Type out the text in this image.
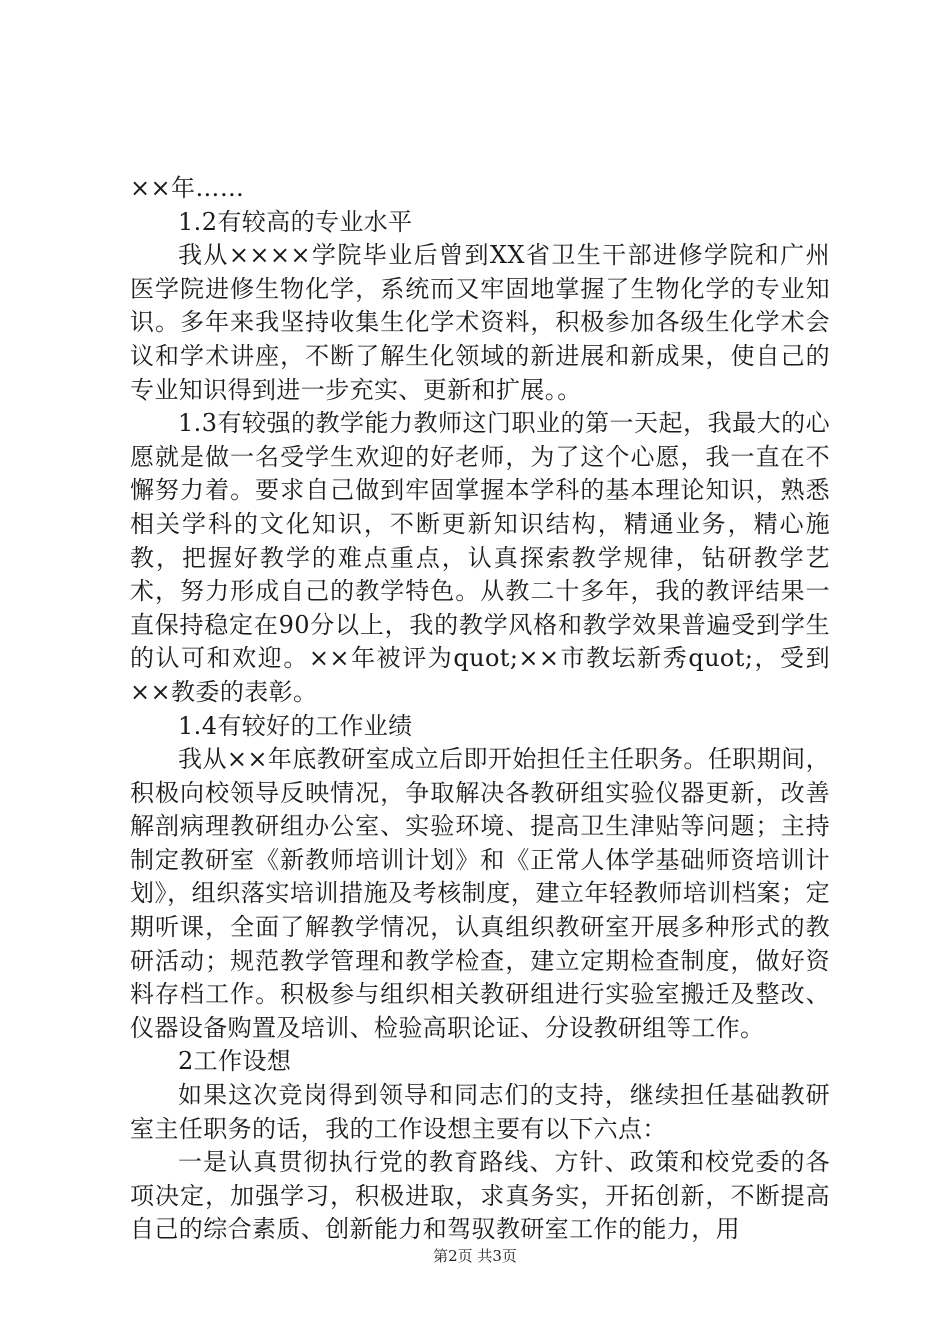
××年……

1.2有较高的专业水平

我从××××学院毕业后曾到XX省卫生干部进修学院和广州医学院进修生物化学，系统而又牢固地掌握了生物化学的专业知识。多年来我坚持收集生化学术资料，积极参加各级生化学术会议和学术讲座，不断了解生化领域的新进展和新成果，使自己的专业知识得到进一步充实、更新和扩展。。

1.3有较强的教学能力教师这门职业的第一天起，我最大的心愿就是做一名受学生欢迎的好老师，为了这个心愿，我一直在不懈努力着。要求自己做到牢固掌握本学科的基本理论知识，熟悉相关学科的文化知识，不断更新知识结构，精通业务，精心施教，把握好教学的难点重点，认真探索教学规律，钻研教学艺术，努力形成自己的教学特色。从教二十多年，我的教评结果一直保持稳定在90分以上，我的教学风格和教学效果普遍受到学生的认可和欢迎。××年被评为quot;××市教坛新秀quot;，受到××教委的表彰。

1.4有较好的工作业绩

我从××年底教研室成立后即开始担任主任职务。任职期间，积极向校领导反映情况，争取解决各教研组实验仪器更新，改善解剖病理教研组办公室、实验环境、提高卫生津贴等问题；主持制定教研室《新教师培训计划》和《正常人体学基础师资培训计划》，组织落实培训措施及考核制度，建立年轻教师培训档案；定期听课，全面了解教学情况，认真组织教研室开展多种形式的教研活动；规范教学管理和教学检查，建立定期检查制度，做好资料存档工作。积极参与组织相关教研组进行实验室搬迁及整改、仪器设备购置及培训、检验高职论证、分设教研组等工作。

2工作设想

如果这次竞岗得到领导和同志们的支持，继续担任基础教研室主任职务的话，我的工作设想主要有以下六点：

一是认真贯彻执行党的教育路线、方针、政策和校党委的各项决定，加强学习，积极进取，求真务实，开拓创新，不断提高自己的综合素质、创新能力和驾驭教研室工作的能力，用

第2页 共3页
